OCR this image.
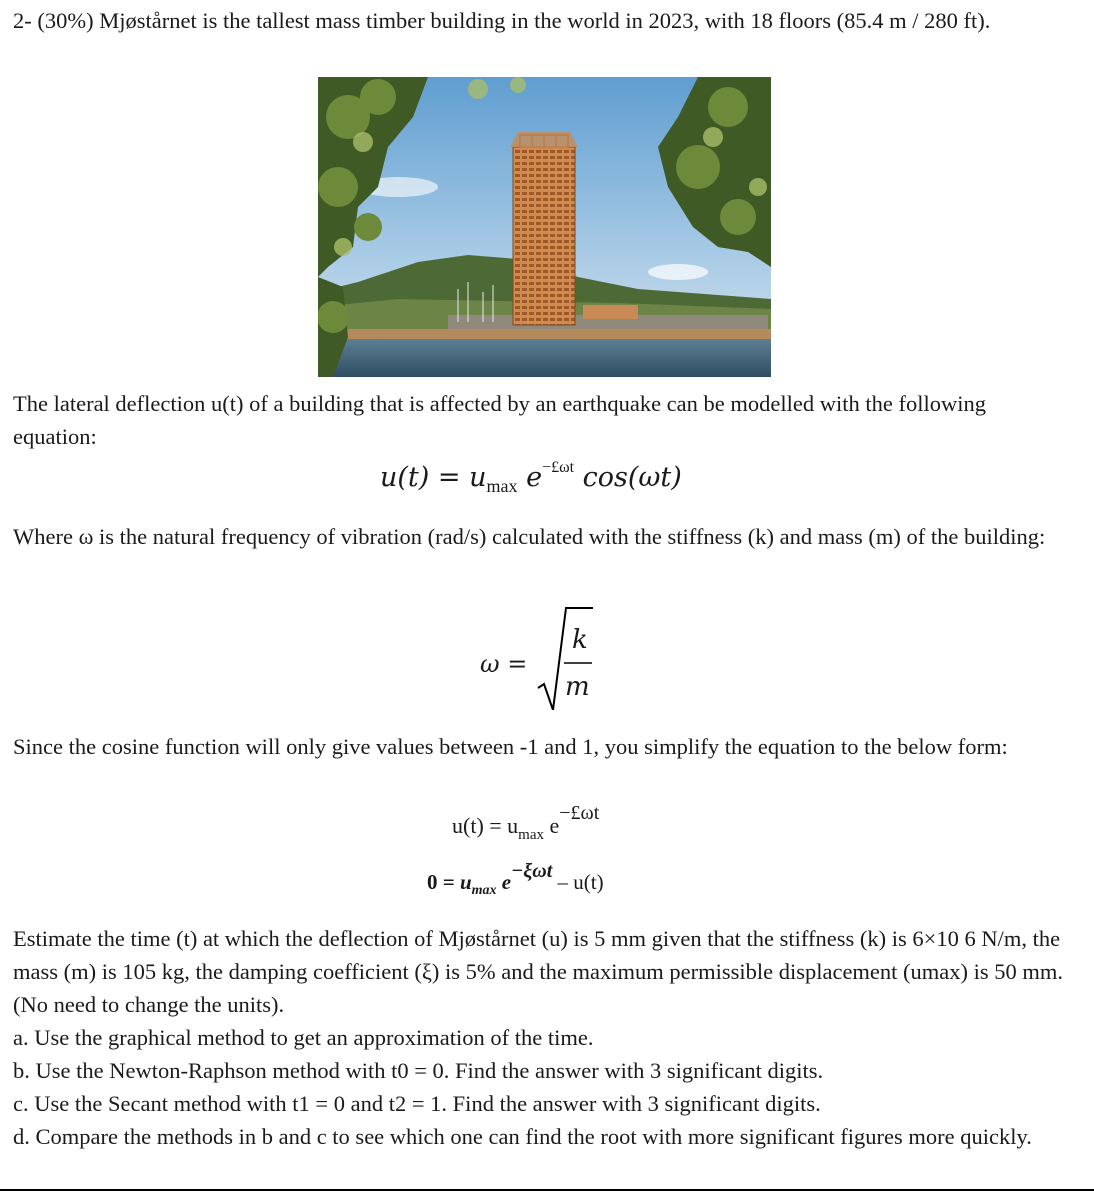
2- (30%) Mjøstårnet is the tallest mass timber building in the world in 2023, with 18 floors (85.4 m / 280 ft).

The lateral deflection u(t) of a building that is affected by an earthquake can be modelled with the following equation:

$u(t) = u_{max}$ $e^{-£\omega t}$ cos(ωt)

Where ω is the natural frequency of vibration (rad/s) calculated with the stiffness (k) and mass (m) of the building:

ω =
k
m

Since the cosine function will only give values between -1 and 1, you simplify the equation to the below form:

$u(t) = u_{max}$ e−£ωt
$0 = u_{max}$ e−ξωt – u(t)
Estimate the time (t) at which the deflection of Mjøstårnet (u) is 5 mm given that the stiffness (k) is 6×10 6 N/m, the mass (m) is 105 kg, the damping coefficient (ξ) is 5% and the maximum permissible displacement (umax) is 50 mm. (No need to change the units).
a. Use the graphical method to get an approximation of the time.
b. Use the Newton-Raphson method with t0 = 0. Find the answer with 3 significant digits.
c. Use the Secant method with t1 = 0 and t2 = 1. Find the answer with 3 significant digits.
d. Compare the methods in b and c to see which one can find the root with more significant figures more quickly.
